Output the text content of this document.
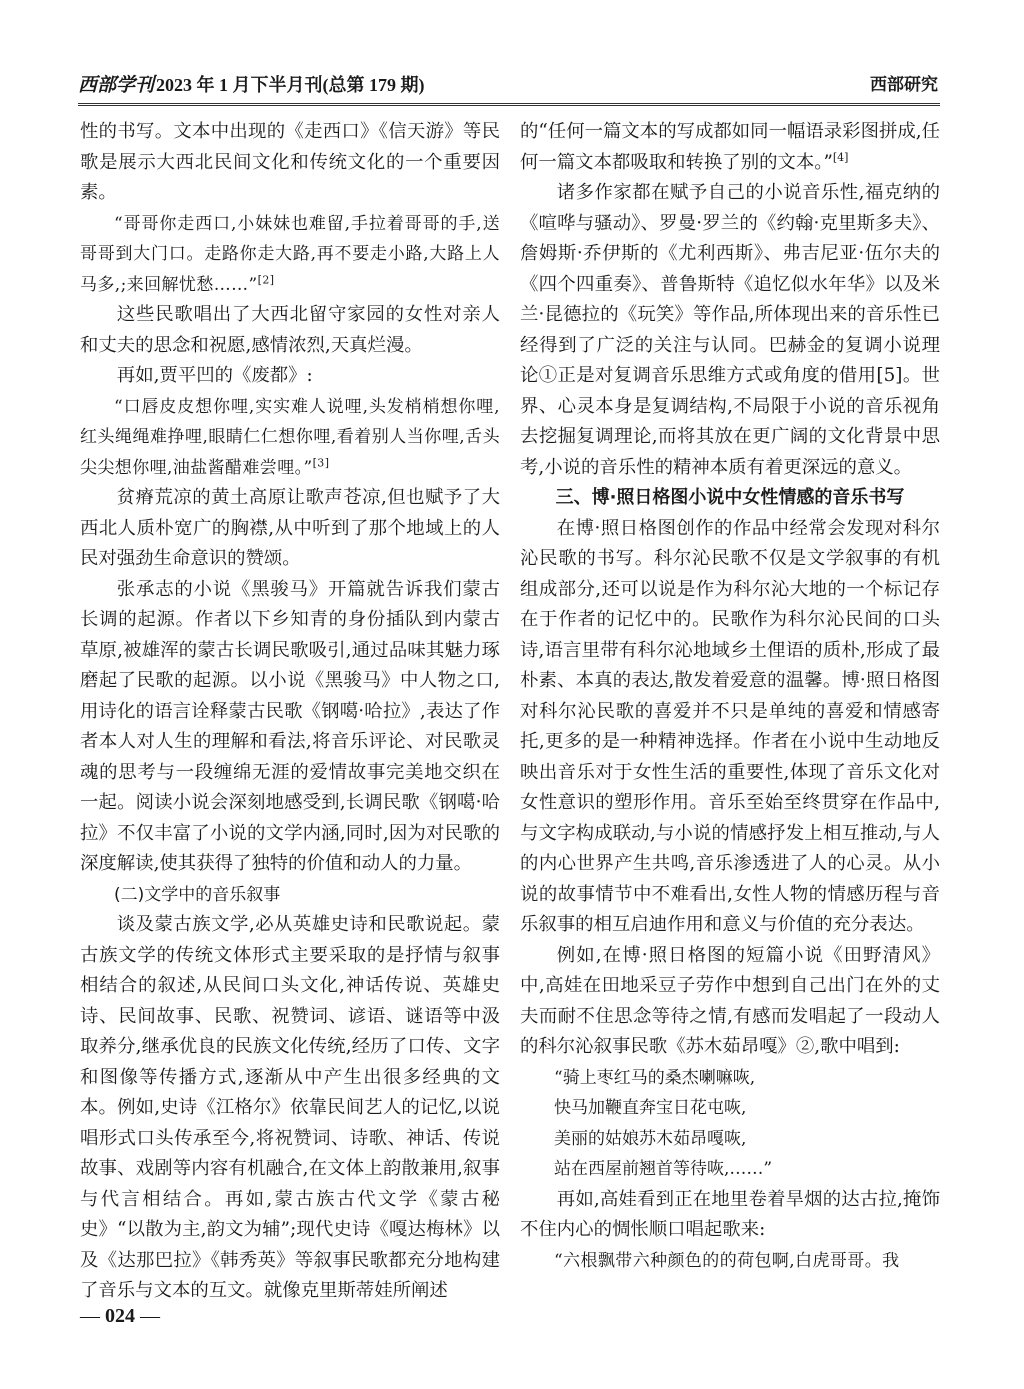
西部学刊 2023 年 1 月下半月刊(总第 179 期)	西部研究

性的书写。文本中出现的《走西口》《信天游》等民歌是展示大西北民间文化和传统文化的一个重要因素。

“哥哥你走西口,小妹妹也难留,手拉着哥哥的手,送哥哥到大门口。走路你走大路,再不要走小路,大路上人马多,;来回解忧愁……”[2]

这些民歌唱出了大西北留守家园的女性对亲人和丈夫的思念和祝愿,感情浓烈,天真烂漫。

再如,贾平凹的《废都》:

“口唇皮皮想你哩,实实难人说哩,头发梢梢想你哩,红头绳绳难挣哩,眼睛仁仁想你哩,看着别人当你哩,舌头尖尖想你哩,油盐酱醋难尝哩。”[3]

贫瘠荒凉的黄土高原让歌声苍凉,但也赋予了大西北人质朴宽广的胸襟,从中听到了那个地域上的人民对强劲生命意识的赞颂。

张承志的小说《黑骏马》开篇就告诉我们蒙古长调的起源。作者以下乡知青的身份插队到内蒙古草原,被雄浑的蒙古长调民歌吸引,通过品味其魅力琢磨起了民歌的起源。以小说《黑骏马》中人物之口,用诗化的语言诠释蒙古民歌《钢噶·哈拉》,表达了作者本人对人生的理解和看法,将音乐评论、对民歌灵魂的思考与一段缠绵无涯的爱情故事完美地交织在一起。阅读小说会深刻地感受到,长调民歌《钢噶·哈拉》不仅丰富了小说的文学内涵,同时,因为对民歌的深度解读,使其获得了独特的价值和动人的力量。

(二)文学中的音乐叙事

谈及蒙古族文学,必从英雄史诗和民歌说起。蒙古族文学的传统文体形式主要采取的是抒情与叙事相结合的叙述,从民间口头文化,神话传说、英雄史诗、民间故事、民歌、祝赞词、谚语、谜语等中汲取养分,继承优良的民族文化传统,经历了口传、文字和图像等传播方式,逐渐从中产生出很多经典的文本。例如,史诗《江格尔》依靠民间艺人的记忆,以说唱形式口头传承至今,将祝赞词、诗歌、神话、传说故事、戏剧等内容有机融合,在文体上韵散兼用,叙事与代言相结合。再如,蒙古族古代文学《蒙古秘史》“以散为主,韵文为辅”;现代史诗《嘎达梅林》以及《达那巴拉》《韩秀英》等叙事民歌都充分地构建了音乐与文本的互文。就像克里斯蒂娃所阐述

的“任何一篇文本的写成都如同一幅语录彩图拼成,任何一篇文本都吸取和转换了别的文本。”[4]

诸多作家都在赋予自己的小说音乐性,福克纳的《喧哗与骚动》、罗曼·罗兰的《约翰·克里斯多夫》、詹姆斯·乔伊斯的《尤利西斯》、弗吉尼亚·伍尔夫的《四个四重奏》、普鲁斯特《追忆似水年华》以及米兰·昆德拉的《玩笑》等作品,所体现出来的音乐性已经得到了广泛的关注与认同。巴赫金的复调小说理论①正是对复调音乐思维方式或角度的借用[5]。世界、心灵本身是复调结构,不局限于小说的音乐视角去挖掘复调理论,而将其放在更广阔的文化背景中思考,小说的音乐性的精神本质有着更深远的意义。

三、博·照日格图小说中女性情感的音乐书写

在博·照日格图创作的作品中经常会发现对科尔沁民歌的书写。科尔沁民歌不仅是文学叙事的有机组成部分,还可以说是作为科尔沁大地的一个标记存在于作者的记忆中的。民歌作为科尔沁民间的口头诗,语言里带有科尔沁地域乡土俚语的质朴,形成了最朴素、本真的表达,散发着爱意的温馨。博·照日格图对科尔沁民歌的喜爱并不只是单纯的喜爱和情感寄托,更多的是一种精神选择。作者在小说中生动地反映出音乐对于女性生活的重要性,体现了音乐文化对女性意识的塑形作用。音乐至始至终贯穿在作品中,与文字构成联动,与小说的情感抒发上相互推动,与人的内心世界产生共鸣,音乐渗透进了人的心灵。从小说的故事情节中不难看出,女性人物的情感历程与音乐叙事的相互启迪作用和意义与价值的充分表达。

例如,在博·照日格图的短篇小说《田野清风》中,高娃在田地采豆子劳作中想到自己出门在外的丈夫而耐不住思念等待之情,有感而发唱起了一段动人的科尔沁叙事民歌《苏木茹昂嘎》②,歌中唱到:

“骑上枣红马的桑杰喇嘛咴,

快马加鞭直奔宝日花屯咴,

美丽的姑娘苏木茹昂嘎咴,

站在西屋前翘首等待咴,……”

再如,高娃看到正在地里卷着旱烟的达古拉,掩饰不住内心的惆怅顺口唱起歌来:

“六根飘带六种颜色的的荷包啊,白虎哥哥。我

— 024 —
